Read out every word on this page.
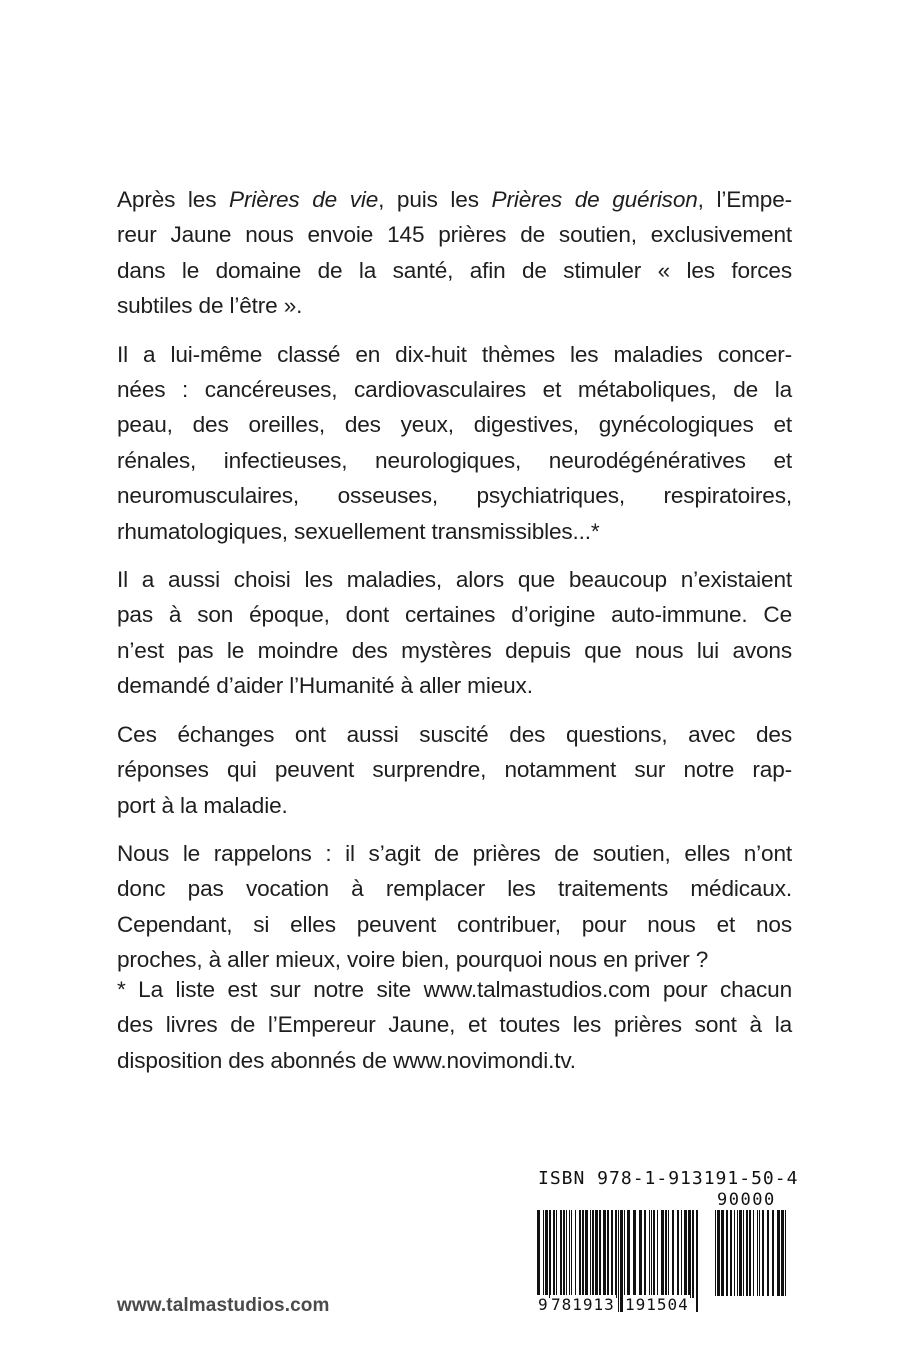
Après les Prières de vie, puis les Prières de guérison, l’Empe-
reur Jaune nous envoie 145 prières de soutien, exclusivement
dans le domaine de la santé, afin de stimuler « les forces
subtiles de l’être ».
Il a lui-même classé en dix-huit thèmes les maladies concer-
nées : cancéreuses, cardiovasculaires et métaboliques, de la
peau, des oreilles, des yeux, digestives, gynécologiques et
rénales, infectieuses, neurologiques, neurodégénératives et
neuromusculaires, osseuses, psychiatriques, respiratoires,
rhumatologiques, sexuellement transmissibles...*
Il a aussi choisi les maladies, alors que beaucoup n’existaient
pas à son époque, dont certaines d’origine auto-immune. Ce
n’est pas le moindre des mystères depuis que nous lui avons
demandé d’aider l’Humanité à aller mieux.
Ces échanges ont aussi suscité des questions, avec des
réponses qui peuvent surprendre, notamment sur notre rap-
port à la maladie.
Nous le rappelons : il s’agit de prières de soutien, elles n’ont
donc pas vocation à remplacer les traitements médicaux.
Cependant, si elles peuvent contribuer, pour nous et nos
proches, à aller mieux, voire bien, pourquoi nous en priver ?
* La liste est sur notre site www.talmastudios.com pour chacun
des livres de l’Empereur Jaune, et toutes les prières sont à la
disposition des abonnés de www.novimondi.tv.
www.talmastudios.com
ISBN 978-1-913191-50-4
90000
9 781913 191504
